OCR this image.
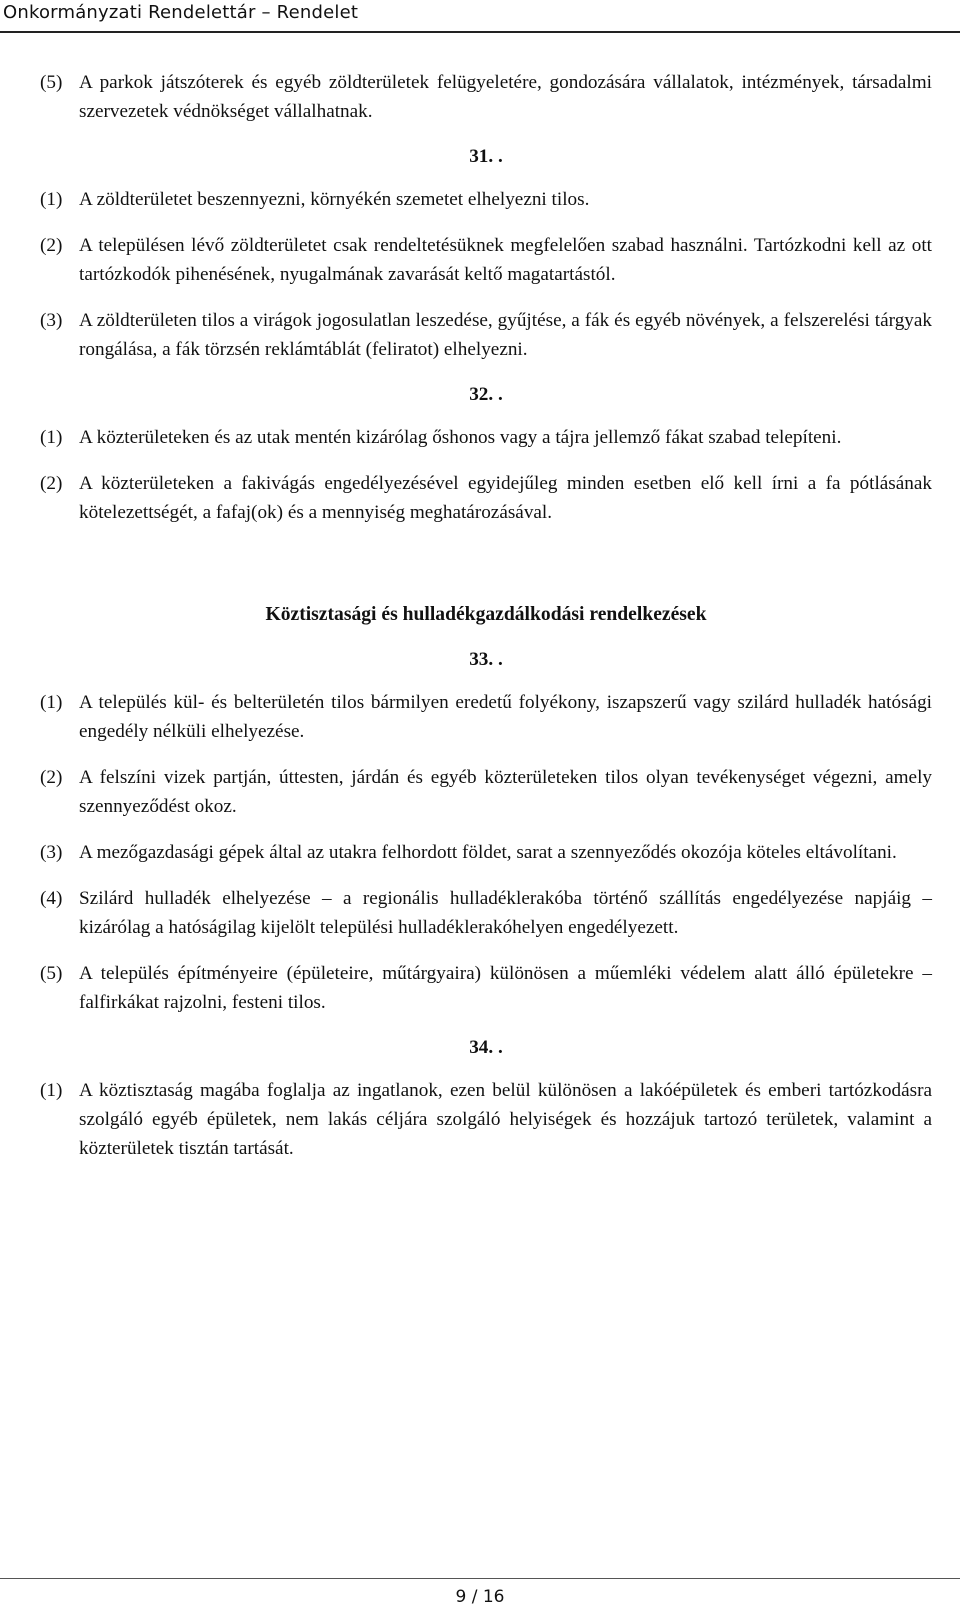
Onkormányzati Rendelettár – Rendelet

(5) A parkok játszóterek és egyéb zöldterületek felügyeletére, gondozására vállalatok, intézmények, társadalmi szervezetek védnökséget vállalhatnak.

31. .

(1) A zöldterületet beszennyezni, környékén szemetet elhelyezni tilos.

(2) A településen lévő zöldterületet csak rendeltetésüknek megfelelően szabad használni. Tartózkodni kell az ott tartózkodók pihenésének, nyugalmának zavarását keltő magatartástól.

(3) A zöldterületen tilos a virágok jogosulatlan leszedése, gyűjtése, a fák és egyéb növények, a felszerelési tárgyak rongálása, a fák törzsén reklámtáblát (feliratot) elhelyezni.

32. .

(1) A közterületeken és az utak mentén kizárólag őshonos vagy a tájra jellemző fákat szabad telepíteni.

(2) A közterületeken a fakivágás engedélyezésével egyidejűleg minden esetben elő kell írni a fa pótlásának kötelezettségét, a fafaj(ok) és a mennyiség meghatározásával.

Köztisztasági és hulladékgazdálkodási rendelkezések
33. .

(1) A település kül- és belterületén tilos bármilyen eredetű folyékony, iszapszerű vagy szilárd hulladék hatósági engedély nélküli elhelyezése.

(2) A felszíni vizek partján, úttesten, járdán és egyéb közterületeken tilos olyan tevékenységet végezni, amely szennyeződést okoz.

(3) A mezőgazdasági gépek által az utakra felhordott földet, sarat a szennyeződés okozója köteles eltávolítani.

(4) Szilárd hulladék elhelyezése – a regionális hulladéklerakóba történő szállítás engedélyezése napjáig – kizárólag a hatóságilag kijelölt települési hulladéklerakóhelyen engedélyezett.

(5) A település építményeire (épületeire, műtárgyaira) különösen a műemléki védelem alatt álló épületekre – falfirkákat rajzolni, festeni tilos.

34. .

(1) A köztisztaság magába foglalja az ingatlanok, ezen belül különösen a lakóépületek és emberi tartózkodásra szolgáló egyéb épületek, nem lakás céljára szolgáló helyiségek és hozzájuk tartozó területek, valamint a közterületek tisztán tartását.

9 / 16
